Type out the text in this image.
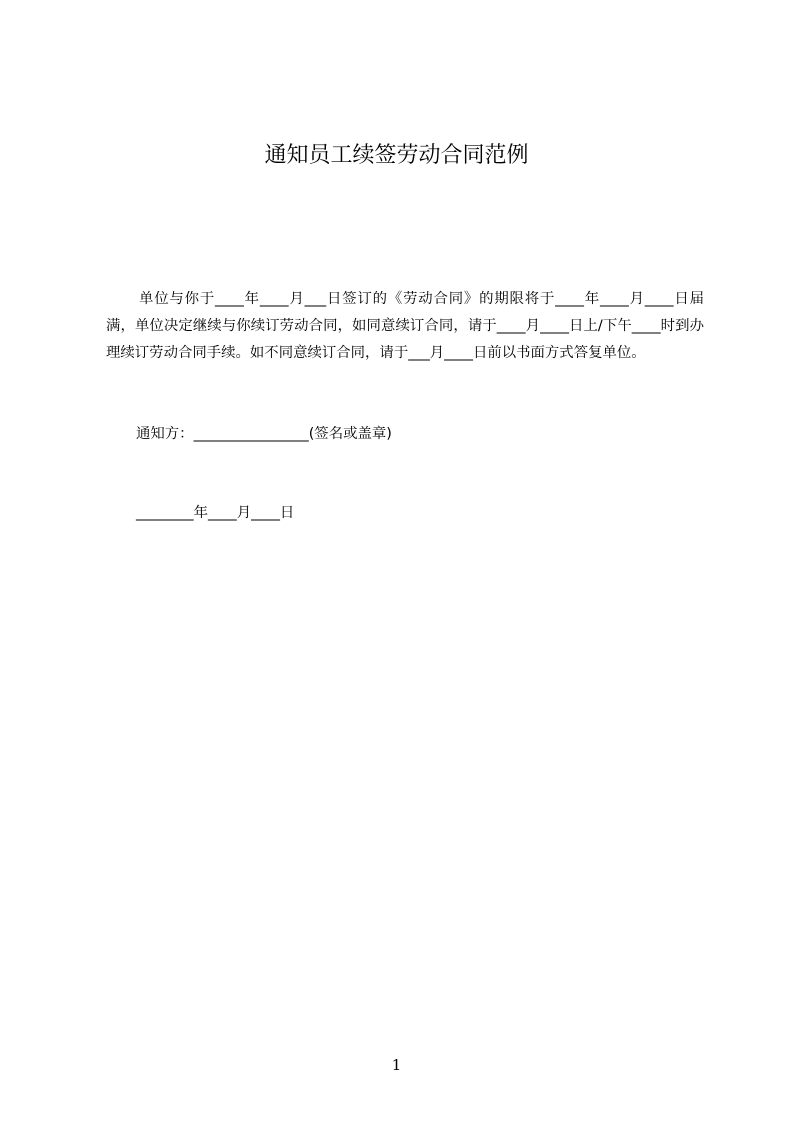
通知员工续签劳动合同范例
单位与你于____年____月___日签订的《劳动合同》的期限将于____年____月____日届满，单位决定继续与你续订劳动合同，如同意续订合同，请于____月____日上/下午____时到办理续订劳动合同手续。如不同意续订合同，请于___月____日前以书面方式答复单位。
通知方：________________(签名或盖章)
________年____月____日
1
